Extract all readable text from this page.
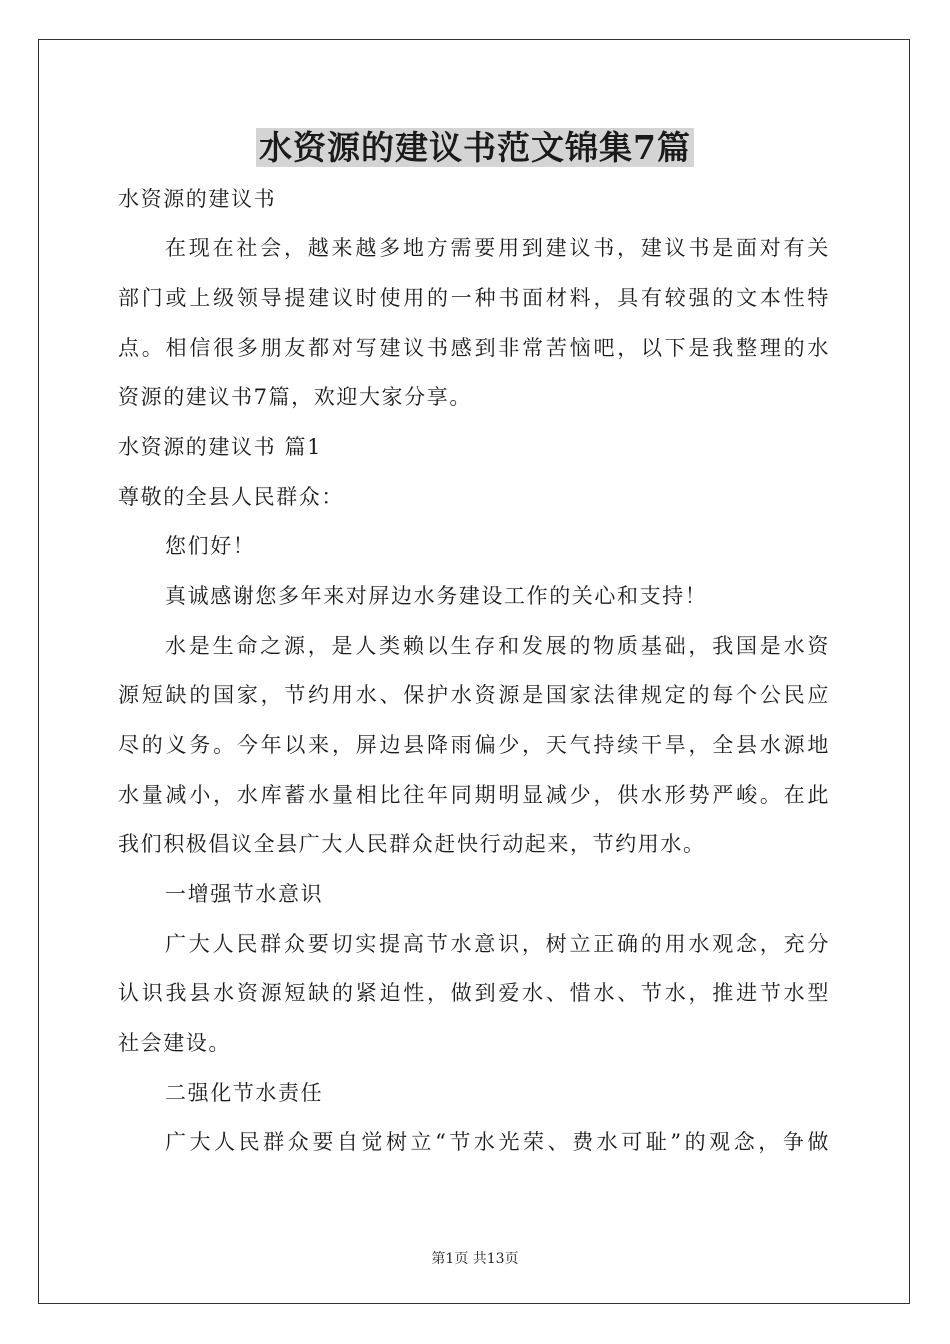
水资源的建议书范文锦集7篇
水资源的建议书
在现在社会，越来越多地方需要用到建议书，建议书是面对有关
部门或上级领导提建议时使用的一种书面材料，具有较强的文本性特
点。相信很多朋友都对写建议书感到非常苦恼吧，以下是我整理的水
资源的建议书7篇，欢迎大家分享。
水资源的建议书 篇1
尊敬的全县人民群众：
您们好！
真诚感谢您多年来对屏边水务建设工作的关心和支持！
水是生命之源，是人类赖以生存和发展的物质基础，我国是水资
源短缺的国家，节约用水、保护水资源是国家法律规定的每个公民应
尽的义务。今年以来，屏边县降雨偏少，天气持续干旱，全县水源地
水量减小，水库蓄水量相比往年同期明显减少，供水形势严峻。在此
我们积极倡议全县广大人民群众赶快行动起来，节约用水。
一增强节水意识
广大人民群众要切实提高节水意识，树立正确的用水观念，充分
认识我县水资源短缺的紧迫性，做到爱水、惜水、节水，推进节水型
社会建设。
二强化节水责任
广大人民群众要自觉树立“节水光荣、费水可耻”的观念，争做
第1页 共13页
